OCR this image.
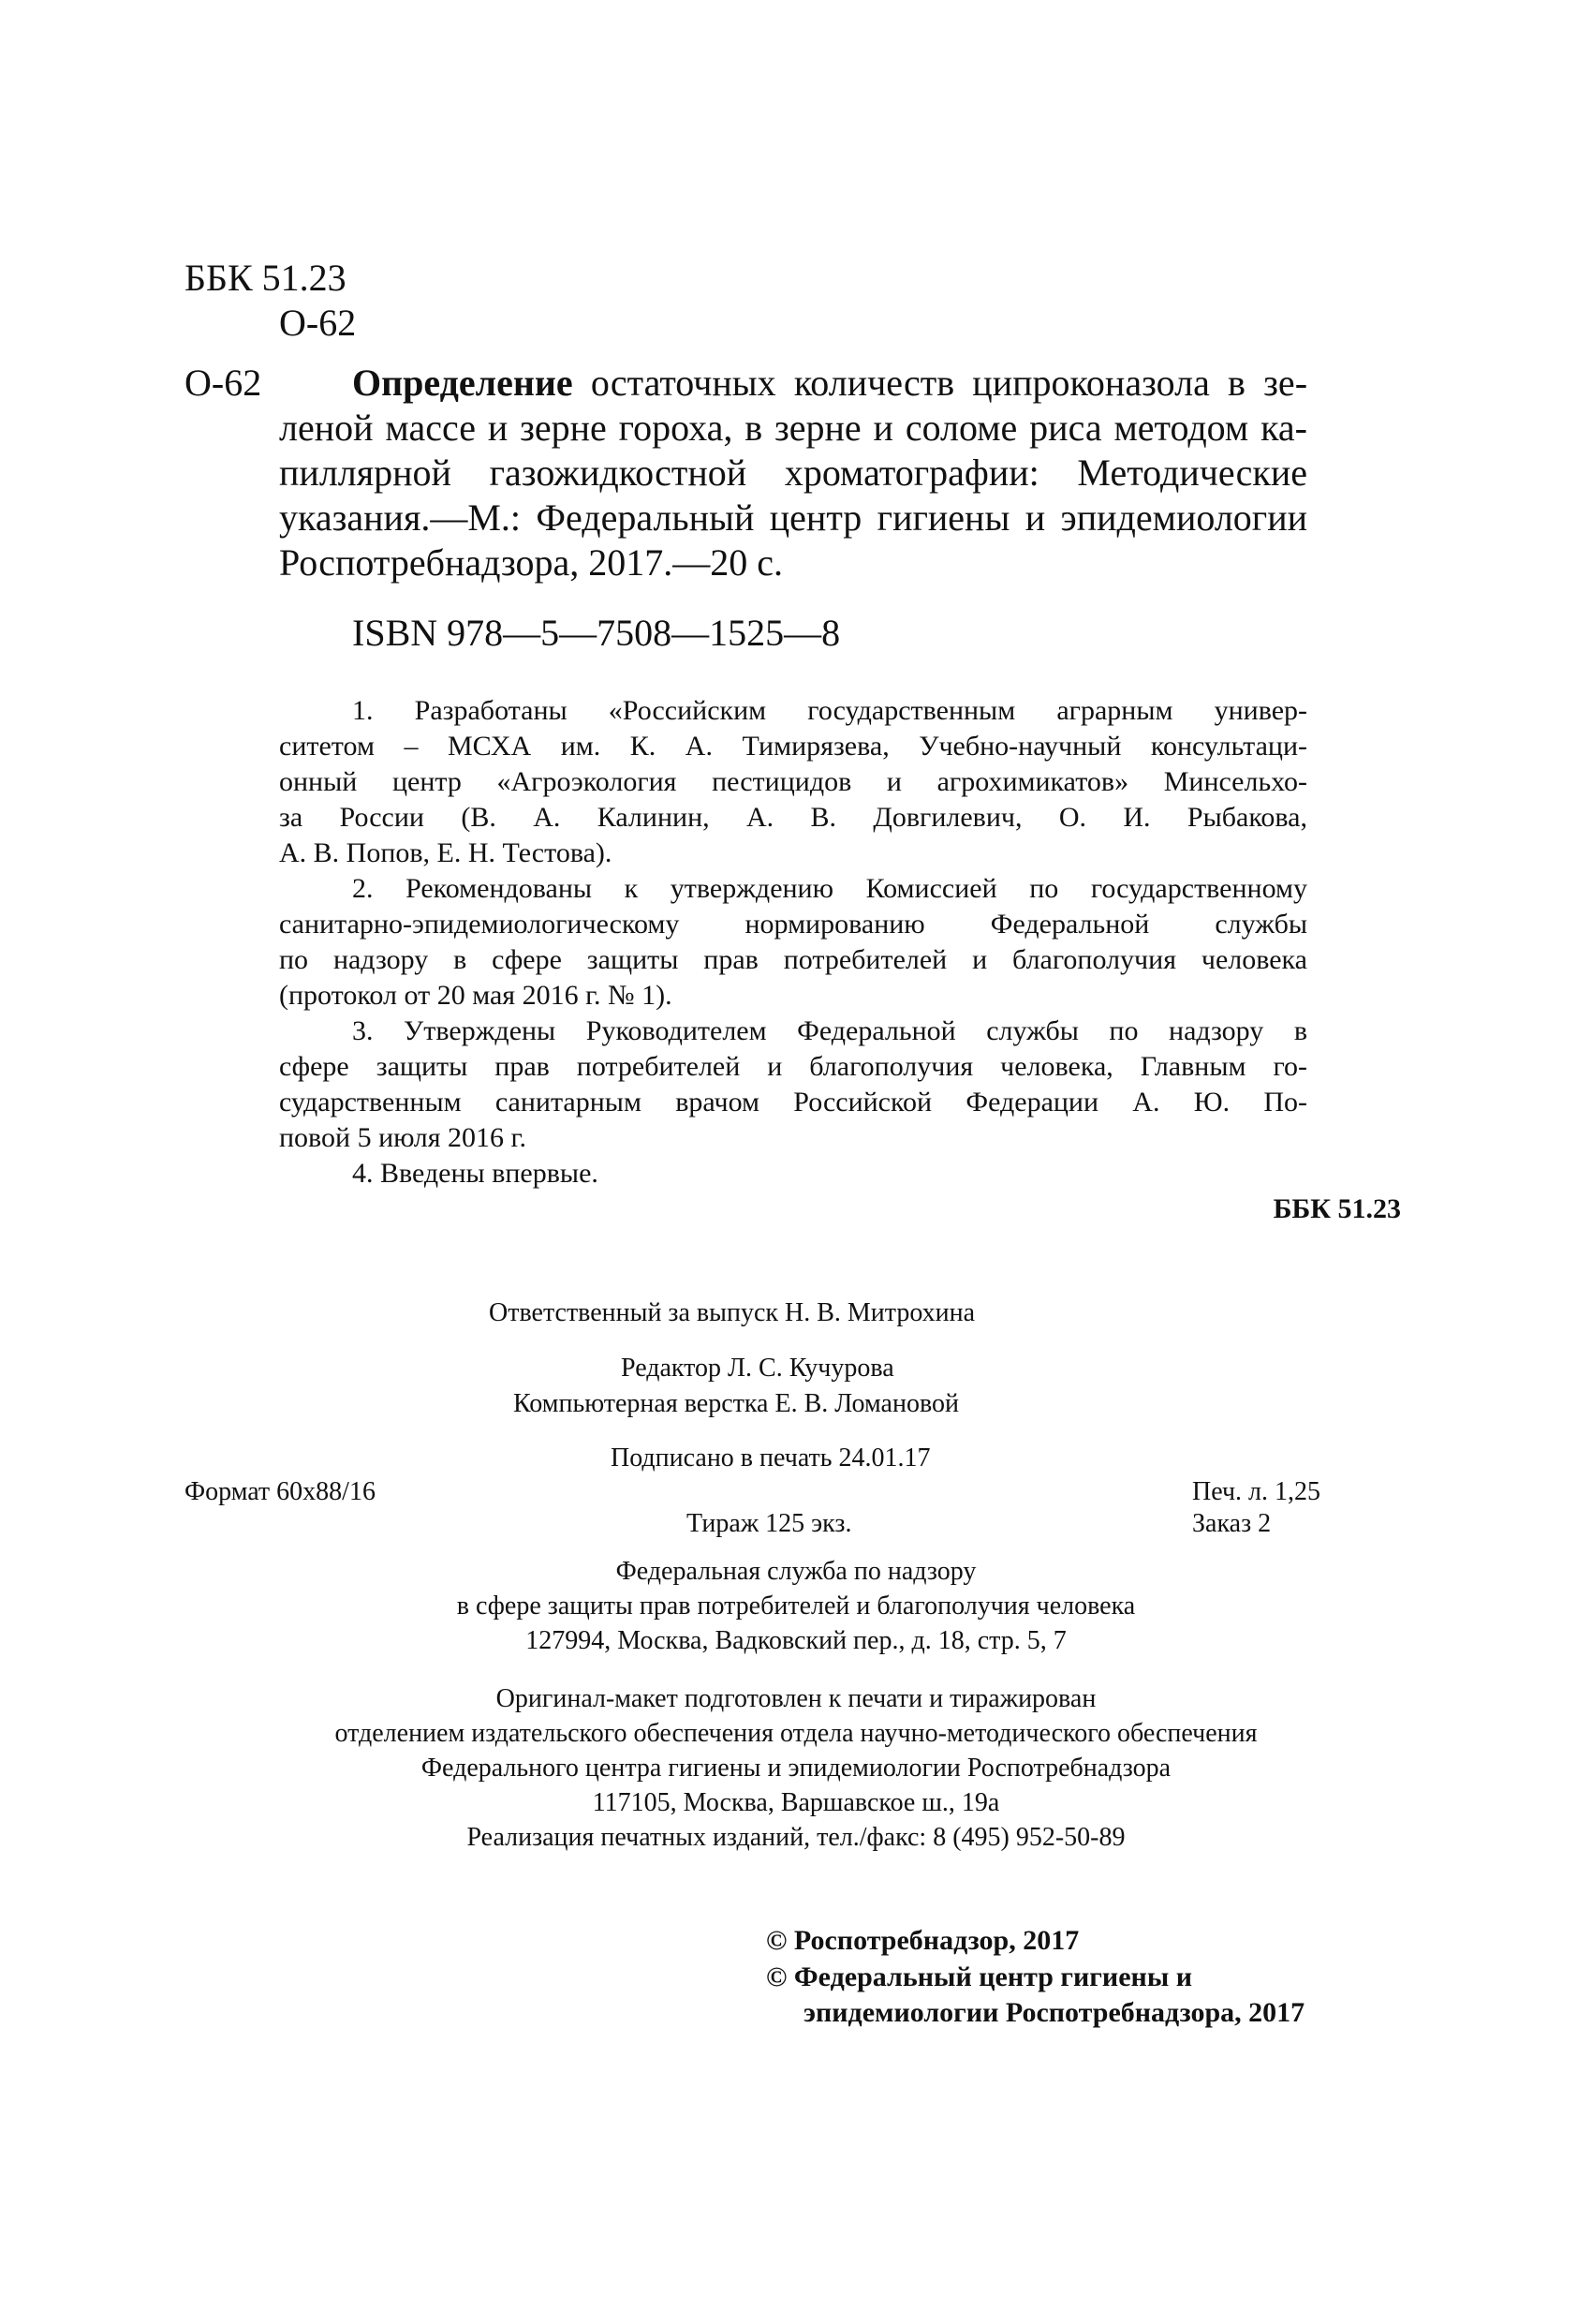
ББК 51.23
О-62
О-62 Определение остаточных количеств ципроконазола в зе-
леной массе и зерне гороха, в зерне и соломе риса методом ка-
пиллярной газожидкостной хроматографии: Методические
указания.—М.: Федеральный центр гигиены и эпидемиологии
Роспотребнадзора, 2017.—20 с.
ISBN 978—5—7508—1525—8
1. Разработаны «Российским государственным аграрным универ-
ситетом – МСХА им. К. А. Тимирязева, Учебно-научный консультаци-
онный центр «Агроэкология пестицидов и агрохимикатов» Минсельхо-
за России (В. А. Калинин, А. В. Довгилевич, О. И. Рыбакова,
А. В. Попов, Е. Н. Тестова).
2. Рекомендованы к утверждению Комиссией по государственному
санитарно-эпидемиологическому нормированию Федеральной службы
по надзору в сфере защиты прав потребителей и благополучия человека
(протокол от 20 мая 2016 г. № 1).
3. Утверждены Руководителем Федеральной службы по надзору в
сфере защиты прав потребителей и благополучия человека, Главным го-
сударственным санитарным врачом Российской Федерации А. Ю. По-
повой 5 июля 2016 г.
4. Введены впервые.
ББК 51.23
Ответственный за выпуск Н. В. Митрохина
Редактор Л. С. Кучурова
Компьютерная верстка Е. В. Ломановой
Подписано в печать 24.01.17
Формат 60х88/16	Печ. л. 1,25
Тираж 125 экз.	Заказ 2
Федеральная служба по надзору
в сфере защиты прав потребителей и благополучия человека
127994, Москва, Вадковский пер., д. 18, стр. 5, 7
Оригинал-макет подготовлен к печати и тиражирован
отделением издательского обеспечения отдела научно-методического обеспечения
Федерального центра гигиены и эпидемиологии Роспотребнадзора
117105, Москва, Варшавское ш., 19а
Реализация печатных изданий, тел./факс: 8 (495) 952-50-89
© Роспотребнадзор, 2017
© Федеральный центр гигиены и
эпидемиологии Роспотребнадзора, 2017
